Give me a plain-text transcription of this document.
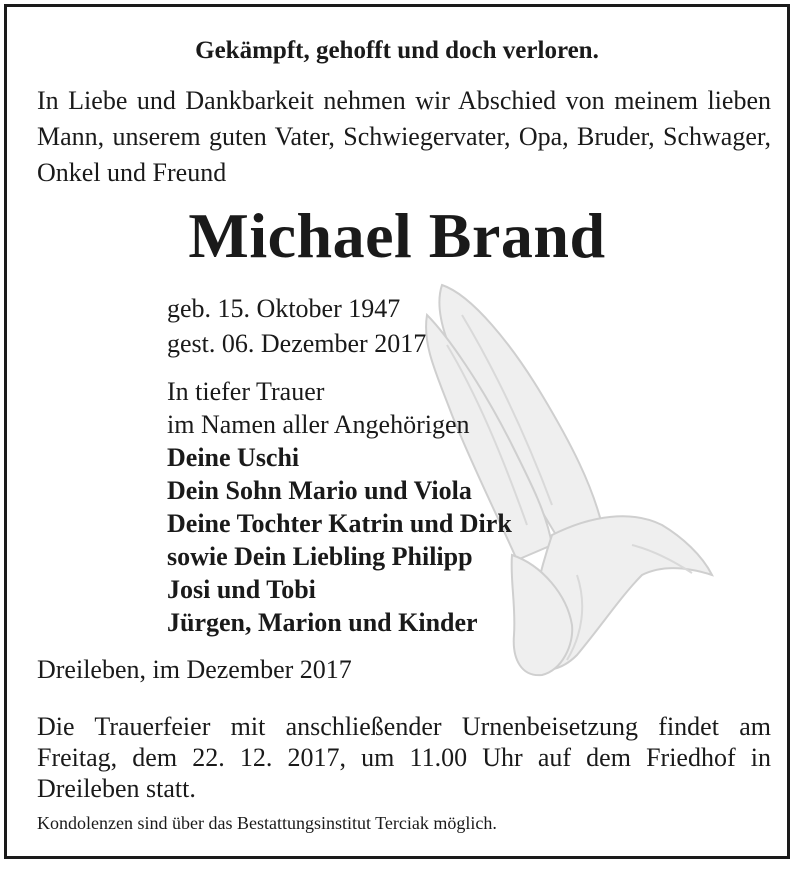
Gekämpft, gehofft und doch verloren.

In Liebe und Dankbarkeit nehmen wir Abschied von meinem lieben Mann, unserem guten Vater, Schwiegervater, Opa, Bruder, Schwager, Onkel und Freund

Michael Brand
geb. 15. Oktober 1947
gest. 06. Dezember 2017
In tiefer Trauer
im Namen aller Angehörigen
Deine Uschi
Dein Sohn Mario und Viola
Deine Tochter Katrin und Dirk
sowie Dein Liebling Philipp
Josi und Tobi
Jürgen, Marion und Kinder
Dreileben, im Dezember 2017

Die Trauerfeier mit anschließender Urnenbeisetzung findet am Freitag, dem 22. 12. 2017, um 11.00 Uhr auf dem Friedhof in Dreileben statt.

Kondolenzen sind über das Bestattungsinstitut Terciak möglich.
